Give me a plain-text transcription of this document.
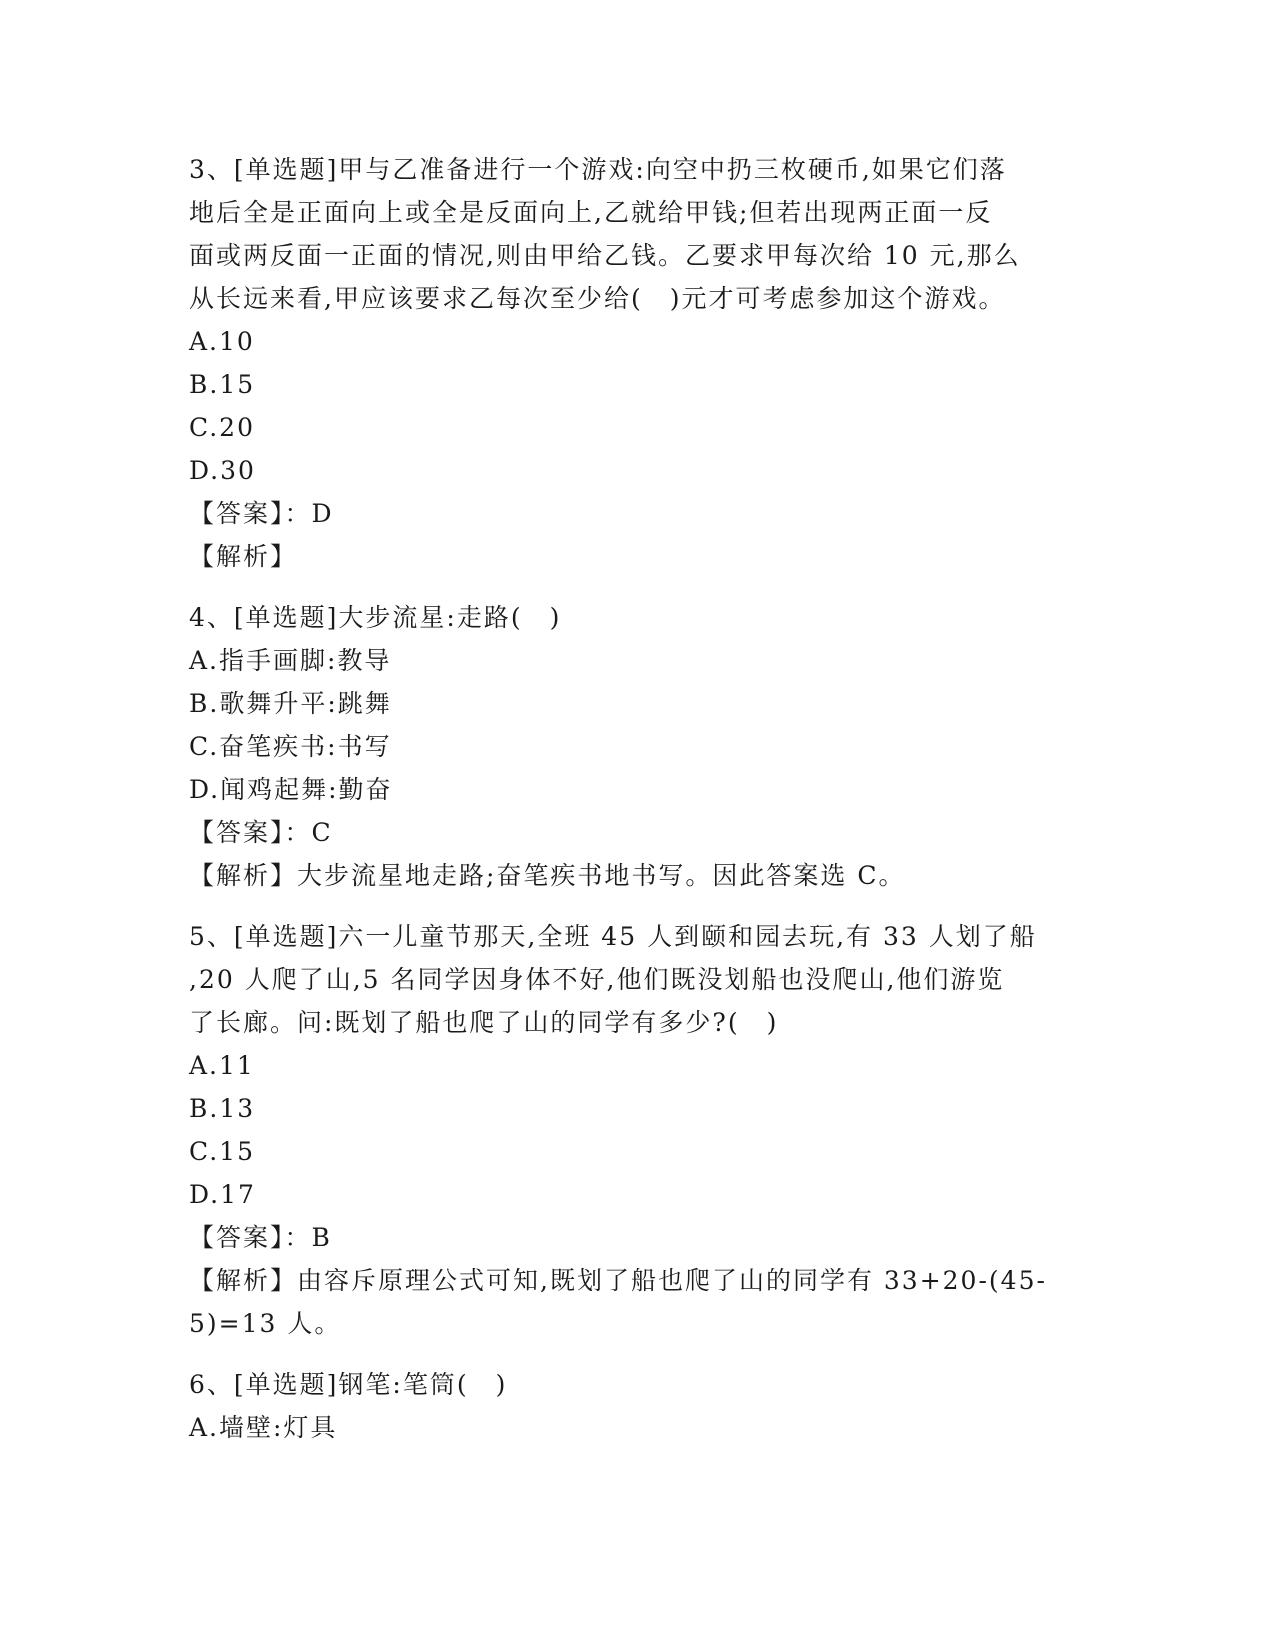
3、[单选题]甲与乙准备进行一个游戏:向空中扔三枚硬币,如果它们落
地后全是正面向上或全是反面向上,乙就给甲钱;但若出现两正面一反
面或两反面一正面的情况,则由甲给乙钱。乙要求甲每次给 10 元,那么
从长远来看,甲应该要求乙每次至少给(　)元才可考虑参加这个游戏。
A.10
B.15
C.20
D.30
【答案】：D
【解析】
4、[单选题]大步流星:走路(　)
A.指手画脚:教导
B.歌舞升平:跳舞
C.奋笔疾书:书写
D.闻鸡起舞:勤奋
【答案】：C
【解析】大步流星地走路;奋笔疾书地书写。因此答案选 C。
5、[单选题]六一儿童节那天,全班 45 人到颐和园去玩,有 33 人划了船
,20 人爬了山,5 名同学因身体不好,他们既没划船也没爬山,他们游览
了长廊。问:既划了船也爬了山的同学有多少?(　)
A.11
B.13
C.15
D.17
【答案】：B
【解析】由容斥原理公式可知,既划了船也爬了山的同学有 33+20-(45-
5)=13 人。
6、[单选题]钢笔:笔筒(　)
A.墙壁:灯具
